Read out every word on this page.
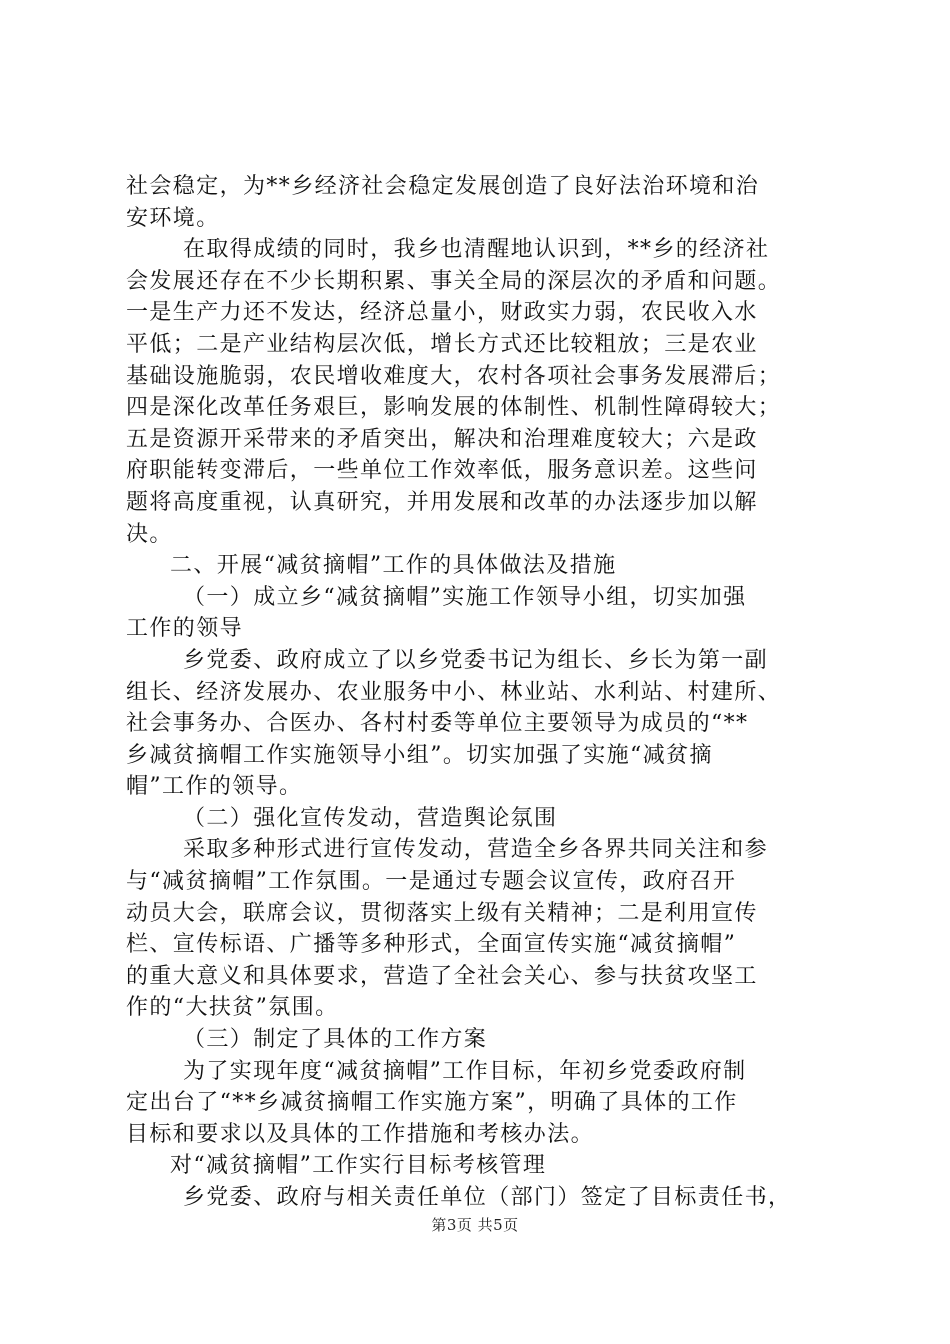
社会稳定，为**乡经济社会稳定发展创造了良好法治环境和治
安环境。
在取得成绩的同时，我乡也清醒地认识到，**乡的经济社
会发展还存在不少长期积累、事关全局的深层次的矛盾和问题。
一是生产力还不发达，经济总量小，财政实力弱，农民收入水
平低；二是产业结构层次低，增长方式还比较粗放；三是农业
基础设施脆弱，农民增收难度大，农村各项社会事务发展滞后；
四是深化改革任务艰巨，影响发展的体制性、机制性障碍较大；
五是资源开采带来的矛盾突出，解决和治理难度较大；六是政
府职能转变滞后，一些单位工作效率低，服务意识差。这些问
题将高度重视，认真研究，并用发展和改革的办法逐步加以解
决。
二、开展“减贫摘帽”工作的具体做法及措施
（一）成立乡“减贫摘帽”实施工作领导小组，切实加强
工作的领导
乡党委、政府成立了以乡党委书记为组长、乡长为第一副
组长、经济发展办、农业服务中小、林业站、水利站、村建所、
社会事务办、合医办、各村村委等单位主要领导为成员的“**
乡减贫摘帽工作实施领导小组”。切实加强了实施“减贫摘
帽”工作的领导。
（二）强化宣传发动，营造舆论氛围
采取多种形式进行宣传发动，营造全乡各界共同关注和参
与“减贫摘帽”工作氛围。一是通过专题会议宣传，政府召开
动员大会，联席会议，贯彻落实上级有关精神；二是利用宣传
栏、宣传标语、广播等多种形式，全面宣传实施“减贫摘帽”
的重大意义和具体要求，营造了全社会关心、参与扶贫攻坚工
作的“大扶贫”氛围。
（三）制定了具体的工作方案
为了实现年度“减贫摘帽”工作目标，年初乡党委政府制
定出台了“**乡减贫摘帽工作实施方案”，明确了具体的工作
目标和要求以及具体的工作措施和考核办法。
对“减贫摘帽”工作实行目标考核管理
乡党委、政府与相关责任单位（部门）签定了目标责任书，
第3页 共5页
